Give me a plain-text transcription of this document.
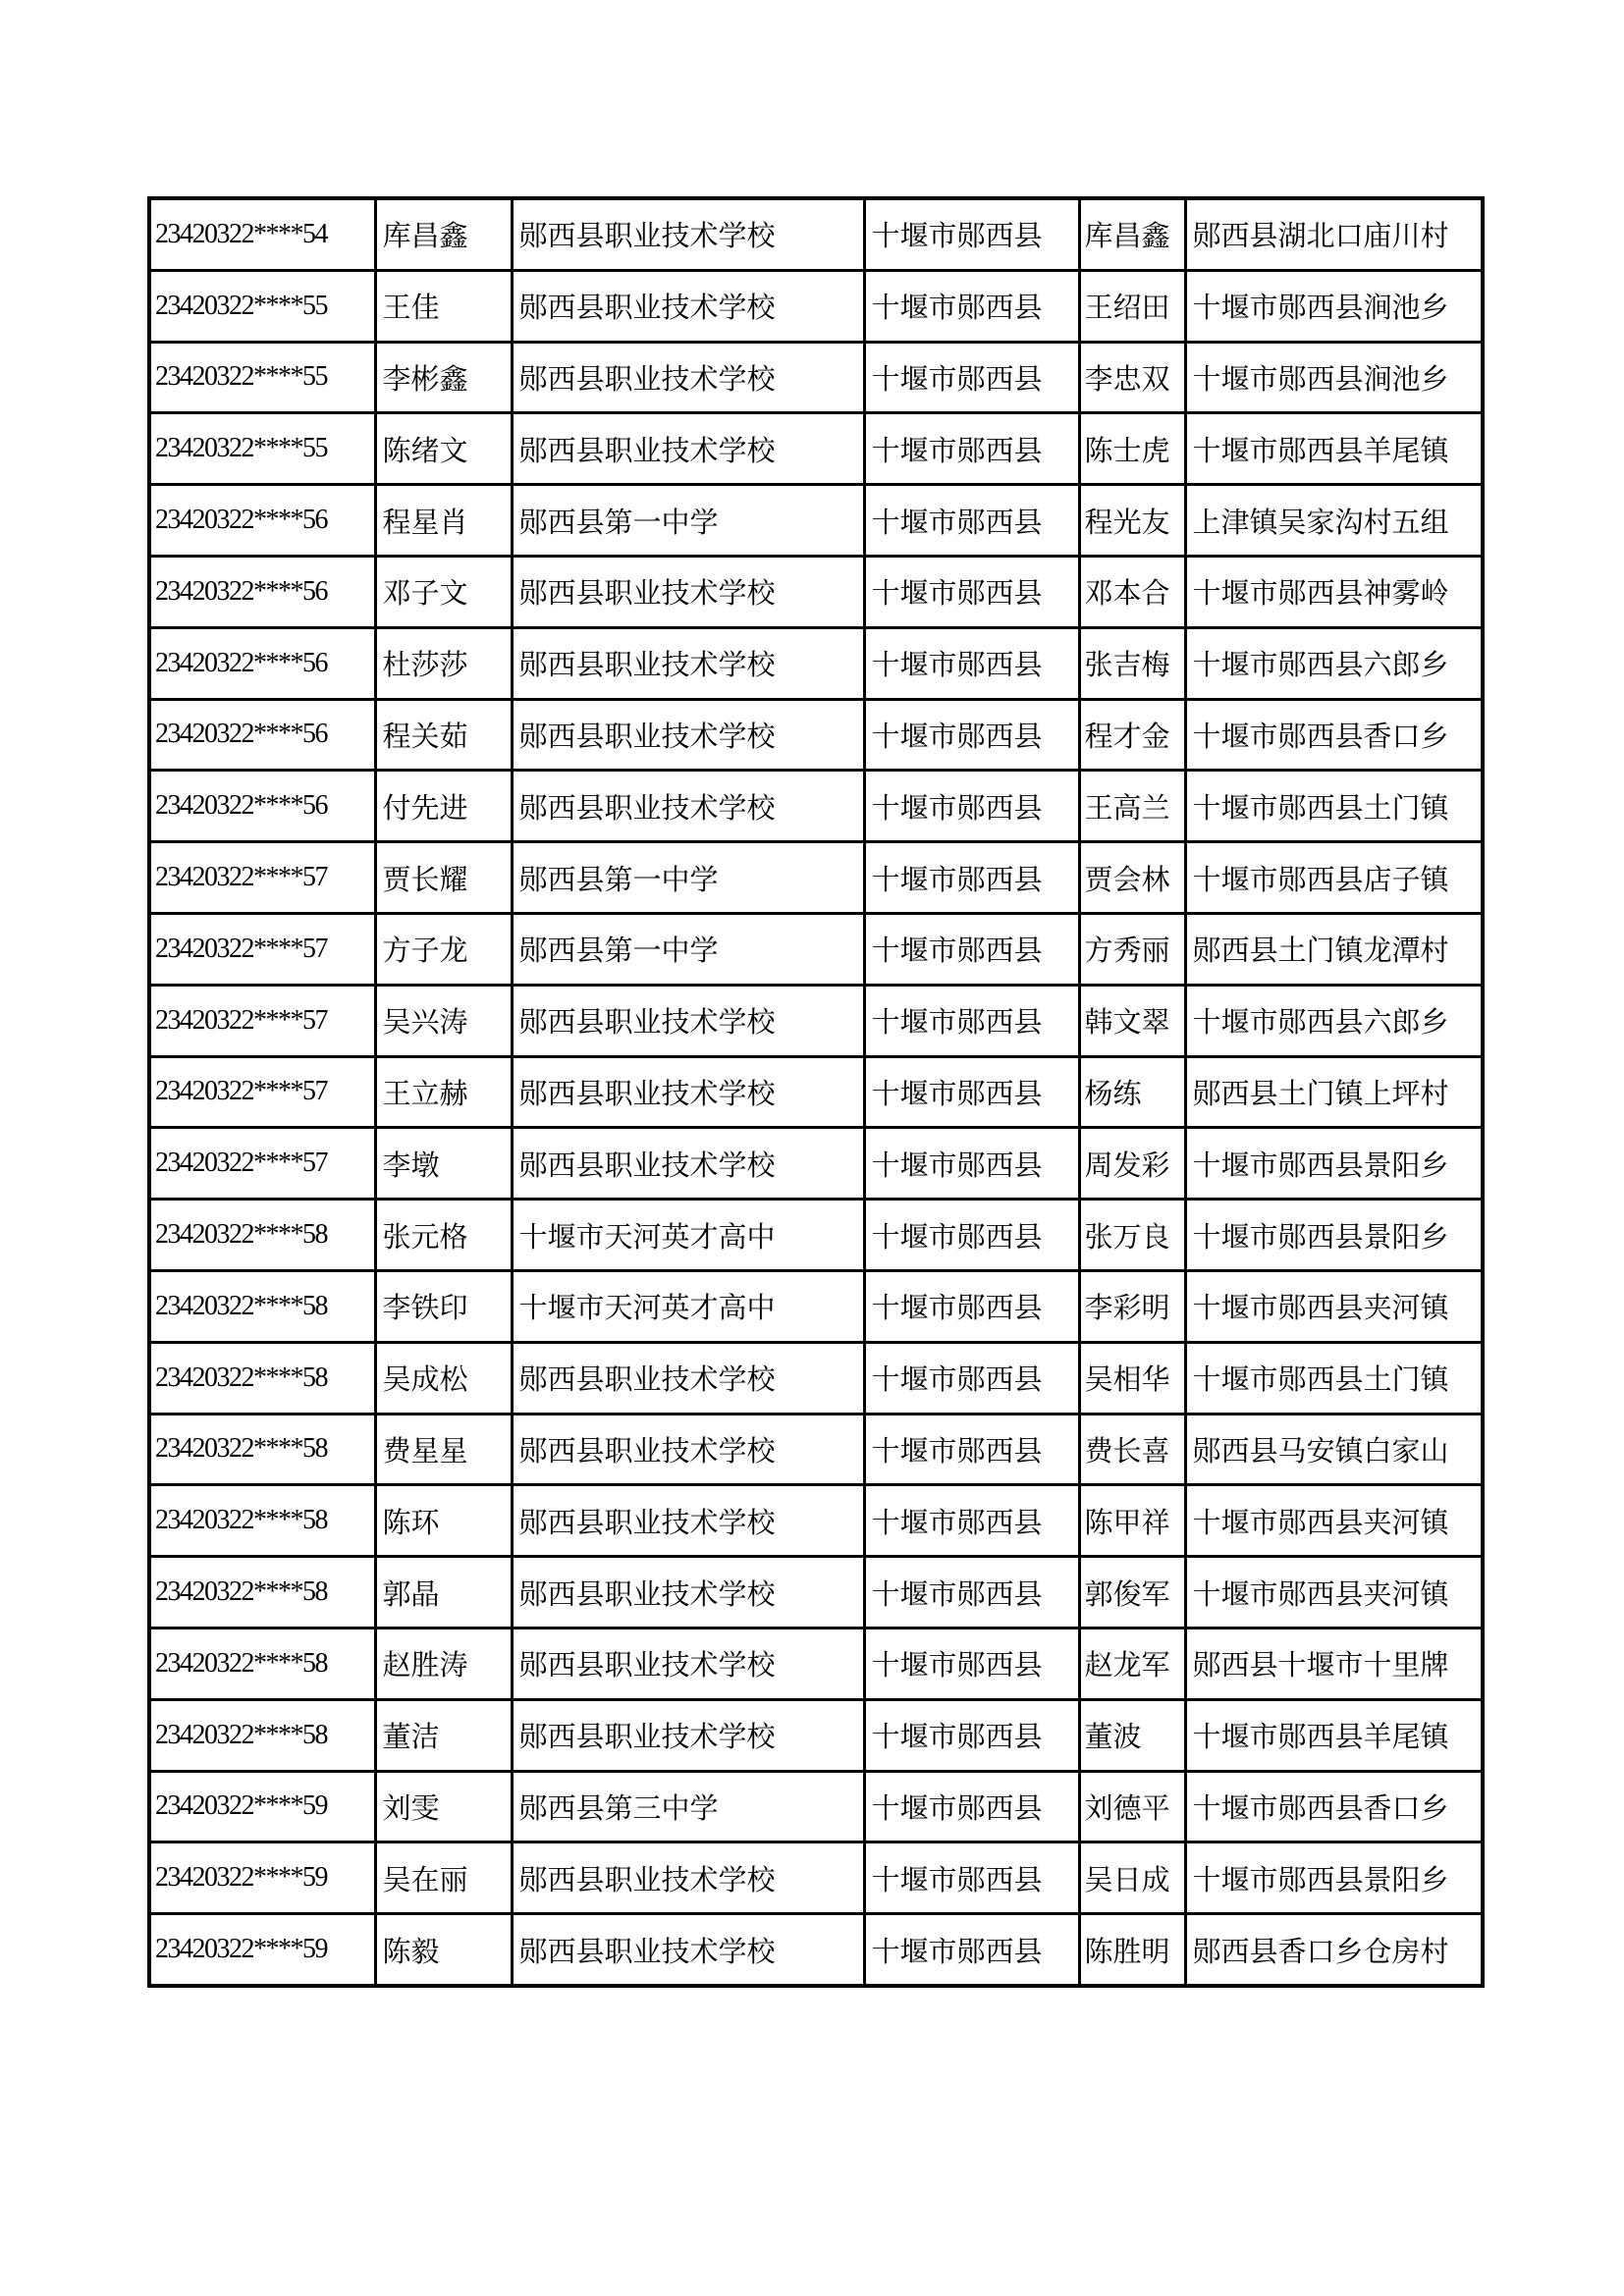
23420322****54	库昌鑫	郧西县职业技术学校	十堰市郧西县	库昌鑫	郧西县湖北口庙川村
23420322****55	王佳	郧西县职业技术学校	十堰市郧西县	王绍田	十堰市郧西县涧池乡
23420322****55	李彬鑫	郧西县职业技术学校	十堰市郧西县	李忠双	十堰市郧西县涧池乡
23420322****55	陈绪文	郧西县职业技术学校	十堰市郧西县	陈士虎	十堰市郧西县羊尾镇
23420322****56	程星肖	郧西县第一中学	十堰市郧西县	程光友	上津镇吴家沟村五组
23420322****56	邓子文	郧西县职业技术学校	十堰市郧西县	邓本合	十堰市郧西县神雾岭
23420322****56	杜莎莎	郧西县职业技术学校	十堰市郧西县	张吉梅	十堰市郧西县六郎乡
23420322****56	程关茹	郧西县职业技术学校	十堰市郧西县	程才金	十堰市郧西县香口乡
23420322****56	付先进	郧西县职业技术学校	十堰市郧西县	王高兰	十堰市郧西县土门镇
23420322****57	贾长耀	郧西县第一中学	十堰市郧西县	贾会林	十堰市郧西县店子镇
23420322****57	方子龙	郧西县第一中学	十堰市郧西县	方秀丽	郧西县土门镇龙潭村
23420322****57	吴兴涛	郧西县职业技术学校	十堰市郧西县	韩文翠	十堰市郧西县六郎乡
23420322****57	王立赫	郧西县职业技术学校	十堰市郧西县	杨练	郧西县土门镇上坪村
23420322****57	李墩	郧西县职业技术学校	十堰市郧西县	周发彩	十堰市郧西县景阳乡
23420322****58	张元格	十堰市天河英才高中	十堰市郧西县	张万良	十堰市郧西县景阳乡
23420322****58	李铁印	十堰市天河英才高中	十堰市郧西县	李彩明	十堰市郧西县夹河镇
23420322****58	吴成松	郧西县职业技术学校	十堰市郧西县	吴相华	十堰市郧西县土门镇
23420322****58	费星星	郧西县职业技术学校	十堰市郧西县	费长喜	郧西县马安镇白家山
23420322****58	陈环	郧西县职业技术学校	十堰市郧西县	陈甲祥	十堰市郧西县夹河镇
23420322****58	郭晶	郧西县职业技术学校	十堰市郧西县	郭俊军	十堰市郧西县夹河镇
23420322****58	赵胜涛	郧西县职业技术学校	十堰市郧西县	赵龙军	郧西县十堰市十里牌
23420322****58	董洁	郧西县职业技术学校	十堰市郧西县	董波	十堰市郧西县羊尾镇
23420322****59	刘雯	郧西县第三中学	十堰市郧西县	刘德平	十堰市郧西县香口乡
23420322****59	吴在丽	郧西县职业技术学校	十堰市郧西县	吴日成	十堰市郧西县景阳乡
23420322****59	陈毅	郧西县职业技术学校	十堰市郧西县	陈胜明	郧西县香口乡仓房村
